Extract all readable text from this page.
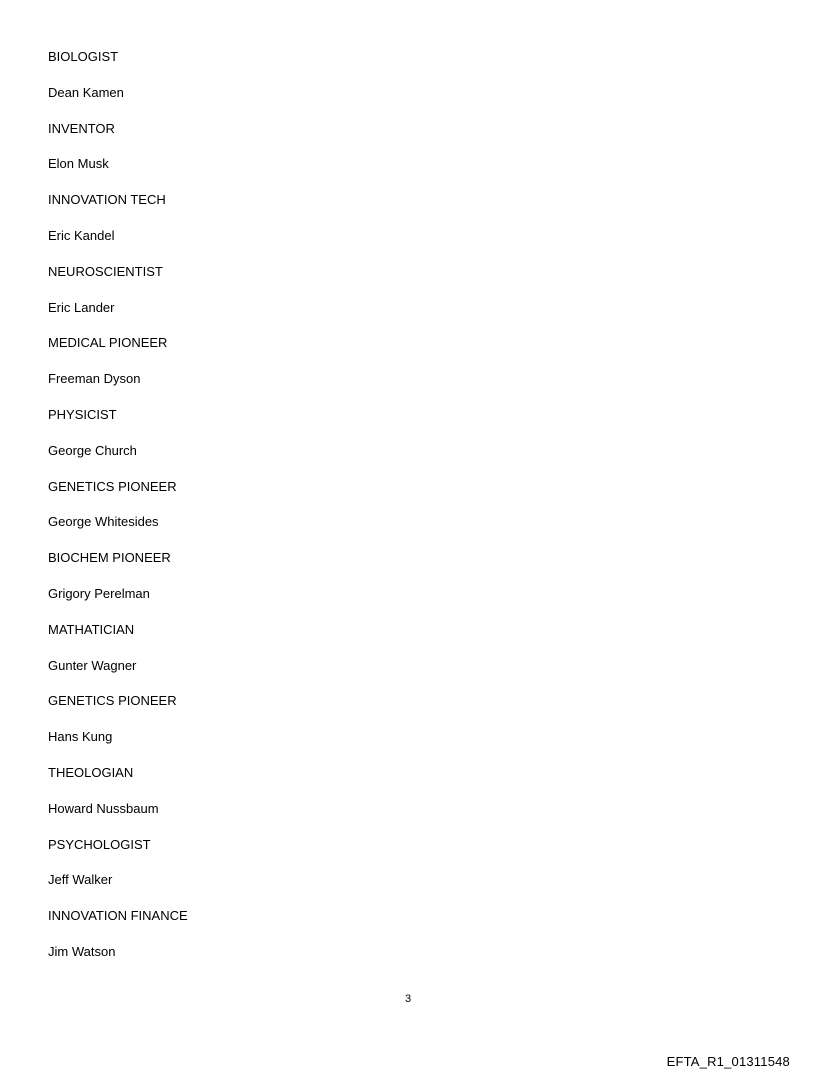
BIOLOGIST
Dean Kamen
INVENTOR
Elon Musk
INNOVATION TECH
Eric Kandel
NEUROSCIENTIST
Eric Lander
MEDICAL PIONEER
Freeman Dyson
PHYSICIST
George Church
GENETICS PIONEER
George Whitesides
BIOCHEM PIONEER
Grigory Perelman
MATHATICIAN
Gunter Wagner
GENETICS PIONEER
Hans Kung
THEOLOGIAN
Howard Nussbaum
PSYCHOLOGIST
Jeff Walker
INNOVATION FINANCE
Jim Watson
3
EFTA_R1_01311548
